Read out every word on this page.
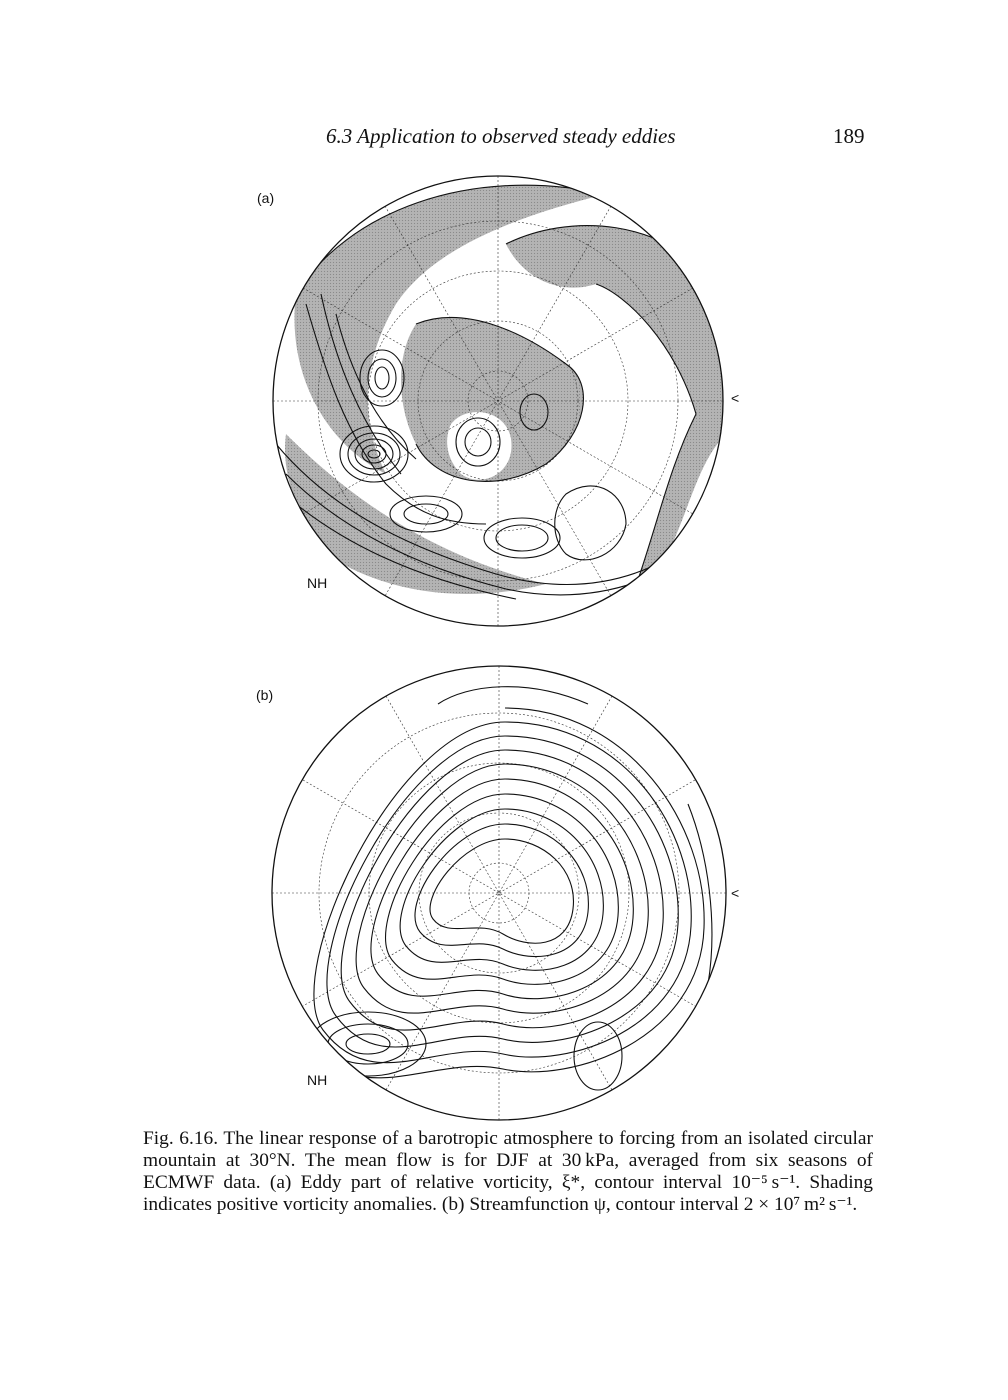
6.3 Application to observed steady eddies	189
(a)
NH
<
(b)
NH
<

Fig. 6.16. The linear response of a barotropic atmosphere to forcing from an isolated circular mountain at 30°N. The mean flow is for DJF at 30 kPa, averaged from six seasons of ECMWF data. (a) Eddy part of relative vorticity, ξ*, contour interval 10⁻⁵ s⁻¹. Shading indicates positive vorticity anomalies. (b) Streamfunction ψ, contour interval 2 × 10⁷ m² s⁻¹.
